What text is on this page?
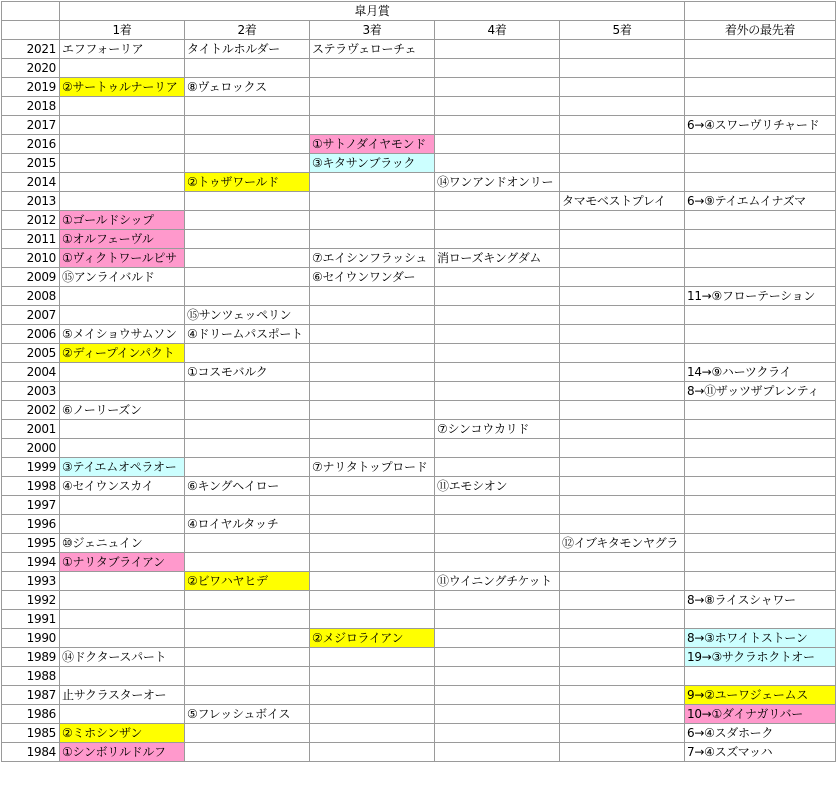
	皐月賞					
	1着	2着	3着	4着	5着	着外の最先着
2021	エフフォーリア	タイトルホルダー	ステラヴェローチェ			
2020						
2019	②サートゥルナーリア	⑧ヴェロックス				
2018						
2017						6→④スワーヴリチャード
2016			①サトノダイヤモンド			
2015			③キタサンブラック			
2014		②トゥザワールド		⑭ワンアンドオンリー		
2013					タマモベストプレイ	6→⑨テイエムイナズマ
2012	①ゴールドシップ					
2011	①オルフェーヴル					
2010	①ヴィクトワールピサ		⑦エイシンフラッシュ	消ローズキングダム		
2009	⑮アンライバルド		⑥セイウンワンダー			
2008						11→⑨フローテーション
2007		⑮サンツェッペリン				
2006	⑤メイショウサムソン	④ドリームパスポート				
2005	②ディープインパクト					
2004		①コスモバルク				14→⑨ハーツクライ
2003						8→⑪ザッツザプレンティ
2002	⑥ノーリーズン					
2001				⑦シンコウカリド		
2000						
1999	③テイエムオペラオー		⑦ナリタトップロード			
1998	④セイウンスカイ	⑥キングヘイロー		⑪エモシオン		
1997						
1996		④ロイヤルタッチ				
1995	⑩ジェニュイン				⑫イブキタモンヤグラ	
1994	①ナリタブライアン					
1993		②ビワハヤヒデ		⑪ウイニングチケット		
1992						8→⑧ライスシャワー
1991						
1990			②メジロライアン			8→③ホワイトストーン
1989	⑭ドクタースパート					19→③サクラホクトオー
1988						
1987	止サクラスターオー					9→②ユーワジェームス
1986		⑤フレッシュボイス				10→①ダイナガリバー
1985	②ミホシンザン					6→④スダホーク
1984	①シンボリルドルフ					7→④スズマッハ
